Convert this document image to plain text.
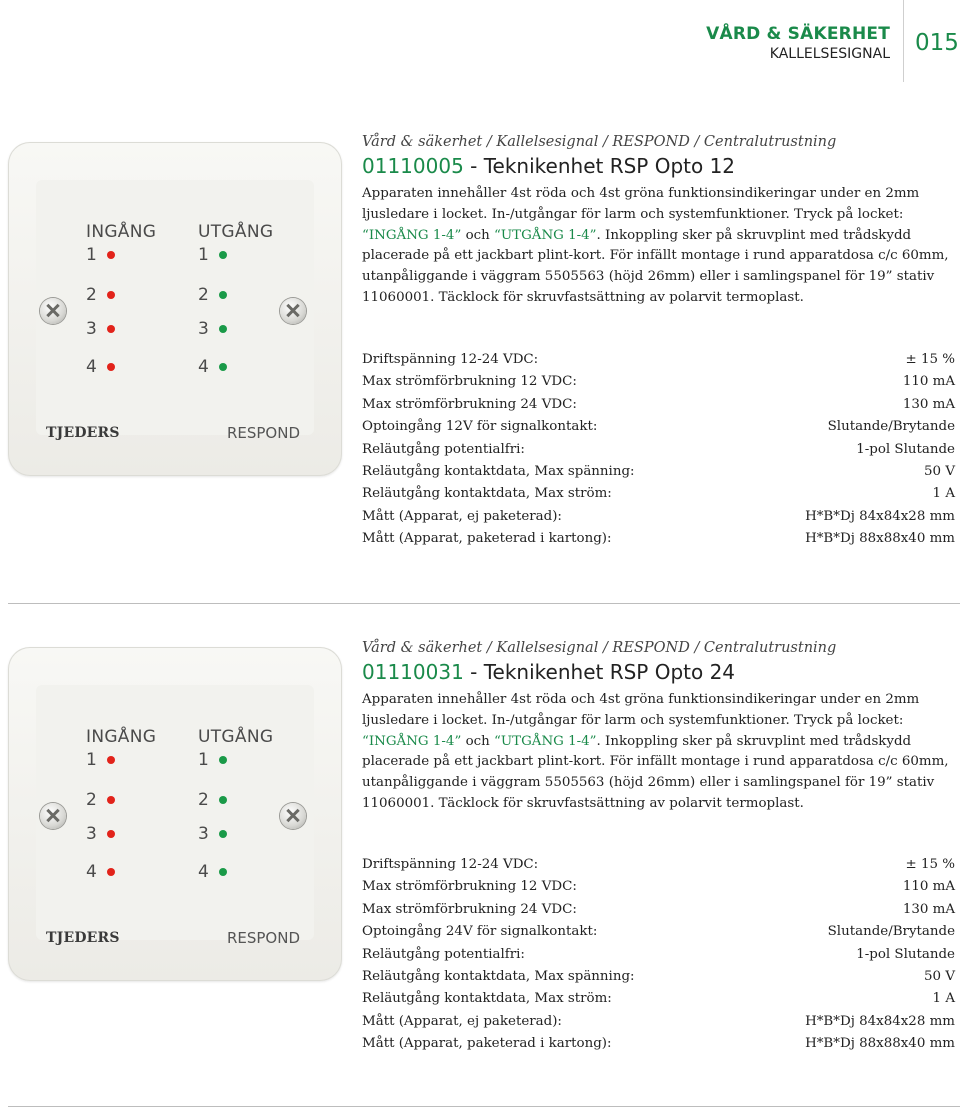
VÅRD & SÄKERHET
KALLELSESIGNAL 015
INGÅNG
1
2
3
4
UTGÅNG
1
2
3
4
TJEDERS	RESPOND
Vård & säkerhet / Kallelsesignal / RESPOND / Centralutrustning
01110005 - Teknikenhet RSP Opto 12
Apparaten innehåller 4st röda och 4st gröna funktionsindikeringar under en 2mm ljusledare i locket. In-/utgångar för larm och systemfunktioner. Tryck på locket: “INGÅNG 1-4” och “UTGÅNG 1-4”. Inkoppling sker på skruvplint med trådskydd placerade på ett jackbart plint-kort. För infällt montage i rund apparatdosa c/c 60mm, utanpåliggande i väggram 5505563 (höjd 26mm) eller i samlingspanel för 19” stativ 11060001. Täcklock för skruvfastsättning av polarvit termoplast.
Driftspänning 12-24 VDC:	± 15 %
Max strömförbrukning 12 VDC:	110 mA
Max strömförbrukning 24 VDC:	130 mA
Optoingång 12V för signalkontakt:	Slutande/Brytande
Reläutgång potentialfri:	1-pol Slutande
Reläutgång kontaktdata, Max spänning:	50 V
Reläutgång kontaktdata, Max ström:	1 A
Mått (Apparat, ej paketerad):	H*B*Dj 84x84x28 mm
Mått (Apparat, paketerad i kartong):	H*B*Dj 88x88x40 mm
INGÅNG
1
2
3
4
UTGÅNG
1
2
3
4
TJEDERS	RESPOND
Vård & säkerhet / Kallelsesignal / RESPOND / Centralutrustning
01110031 - Teknikenhet RSP Opto 24
Apparaten innehåller 4st röda och 4st gröna funktionsindikeringar under en 2mm ljusledare i locket. In-/utgångar för larm och systemfunktioner. Tryck på locket: “INGÅNG 1-4” och “UTGÅNG 1-4”. Inkoppling sker på skruvplint med trådskydd placerade på ett jackbart plint-kort. För infällt montage i rund apparatdosa c/c 60mm, utanpåliggande i väggram 5505563 (höjd 26mm) eller i samlingspanel för 19” stativ 11060001. Täcklock för skruvfastsättning av polarvit termoplast.
Driftspänning 12-24 VDC:	± 15 %
Max strömförbrukning 12 VDC:	110 mA
Max strömförbrukning 24 VDC:	130 mA
Optoingång 24V för signalkontakt:	Slutande/Brytande
Reläutgång potentialfri:	1-pol Slutande
Reläutgång kontaktdata, Max spänning:	50 V
Reläutgång kontaktdata, Max ström:	1 A
Mått (Apparat, ej paketerad):	H*B*Dj 84x84x28 mm
Mått (Apparat, paketerad i kartong):	H*B*Dj 88x88x40 mm
